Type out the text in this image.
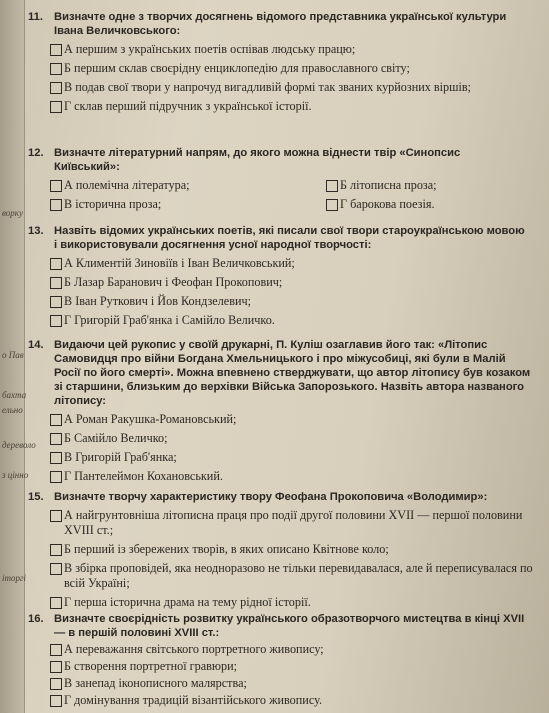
ворку
о Пав
бахта
ельно
дереволо
з цінно
iторгі
11. Визначте одне з творчих досягнень відомого представника української культури Івана Величковського:
А першим з українських поетів оспівав людську працю;
Б першим склав своєрідну енциклопедію для православного світу;
В подав свої твори у напрочуд вигадливій формі так званих курйозних віршів;
Г склав перший підручник з української історії.
12. Визначте літературний напрям, до якого можна віднести твір «Синопсис Київський»:
А полемічна література;	Б літописна проза;
В історична проза;	Г барокова поезія.
13. Назвіть відомих українських поетів, які писали свої твори староукраїнською мовою і використовували досягнення усної народної творчості:
А Климентій Зиновіїв і Іван Величковський;
Б Лазар Баранович і Феофан Прокопович;
В Іван Руткович і Йов Кондзелевич;
Г Григорій Граб'янка і Самійло Величко.
14. Видаючи цей рукопис у своїй друкарні, П. Куліш озаглавив його так: «Літопис Самовидця про війни Богдана Хмельницького і про міжусобиці, які були в Малій Росії по його смерті». Можна впевнено стверджувати, що автор літопису був козаком зі старшини, близьким до верхівки Війська Запорозького. Назвіть автора названого літопису:
А Роман Ракушка-Романовський;
Б Самійло Величко;
В Григорій Граб'янка;
Г Пантелеймон Кохановський.
15. Визначте творчу характеристику твору Феофана Прокоповича «Володимир»:
А найгрунтовніша літописна праця про події другої половини XVII — першої половини XVIII ст.;
Б перший із збережених творів, в яких описано Квітнове коло;
В збірка проповідей, яка неодноразово не тільки перевидавалася, але й переписувалася по всій Україні;
Г перша історична драма на тему рідної історії.
16. Визначте своєрідність розвитку українського образотворчого мистецтва в кінці XVII — в першій половині XVIII ст.:
А переважання світського портретного живопису;
Б створення портретної гравюри;
В занепад іконописного малярства;
Г домінування традицій візантійського живопису.
